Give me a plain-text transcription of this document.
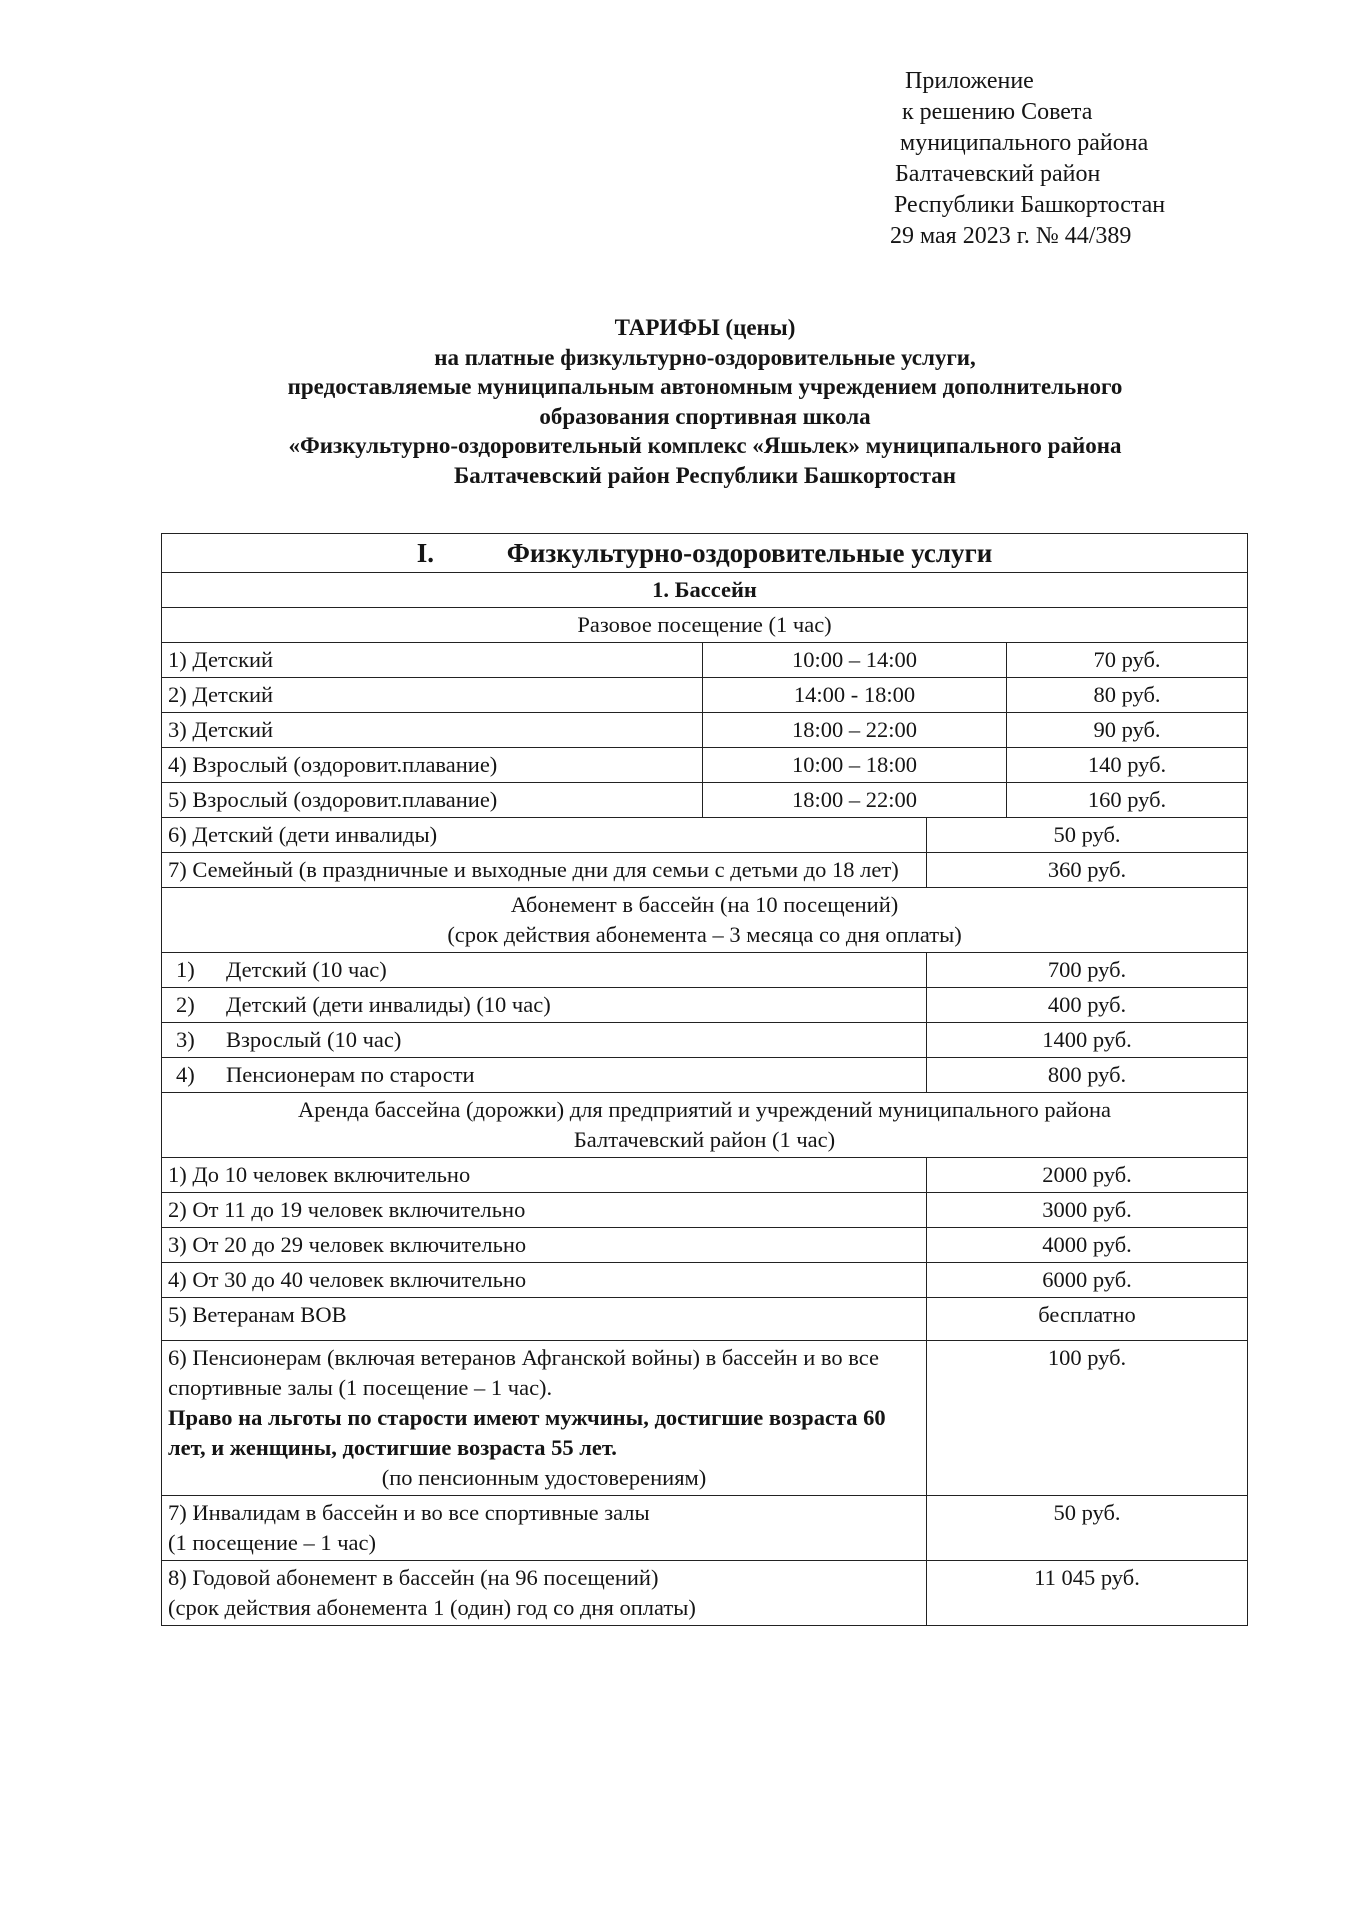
Приложение
к решению Совета
муниципального района
Балтачевский район
Республики Башкортостан
29 мая 2023 г. № 44/389
ТАРИФЫ (цены)
на платные физкультурно-оздоровительные услуги,
предоставляемые муниципальным автономным учреждением дополнительного
образования спортивная школа
«Физкультурно-оздоровительный комплекс «Яшьлек» муниципального района
Балтачевский район Республики Башкортостан
I. Физкультурно-оздоровительные услуги			
1. Бассейн			
Разовое посещение (1 час)			
1) Детский	10:00 – 14:00		70 руб.
2) Детский	14:00 - 18:00		80 руб.
3) Детский	18:00 – 22:00		90 руб.
4) Взрослый (оздоровит.плавание)	10:00 – 18:00		140 руб.
5) Взрослый (оздоровит.плавание)	18:00 – 22:00		160 руб.
6) Детский (дети инвалиды)		50 руб.	
7) Семейный (в праздничные и выходные дни для семьи с детьми до 18 лет)		360 руб.	

Абонемент в бассейн (на 10 посещений)
(срок действия абонемента – 3 месяца со дня оплаты)			

1) Детский (10 час)		700 руб.	
2) Детский (дети инвалиды) (10 час)		400 руб.	
3) Взрослый (10 час)		1400 руб.	
4) Пенсионерам по старости		800 руб.	

Аренда бассейна (дорожки) для предприятий и учреждений муниципального района
Балтачевский район (1 час)			

1) До 10 человек включительно		2000 руб.	
2) От 11 до 19 человек включительно		3000 руб.	
3) От 20 до 29 человек включительно		4000 руб.	
4) От 30 до 40 человек включительно		6000 руб.	
5) Ветеранам ВОВ		бесплатно	

6) Пенсионерам (включая ветеранов Афганской войны) в бассейн и во все спортивные залы (1 посещение – 1 час).
Право на льготы по старости имеют мужчины, достигшие возраста 60 лет, и женщины, достигшие возраста 55 лет.
(по пенсионным удостоверениям)		100 руб.	

7) Инвалидам в бассейн и во все спортивные залы
(1 посещение – 1 час)		50 руб.	

8) Годовой абонемент в бассейн (на 96 посещений)
(срок действия абонемента 1 (один) год со дня оплаты)		11 045 руб.	
